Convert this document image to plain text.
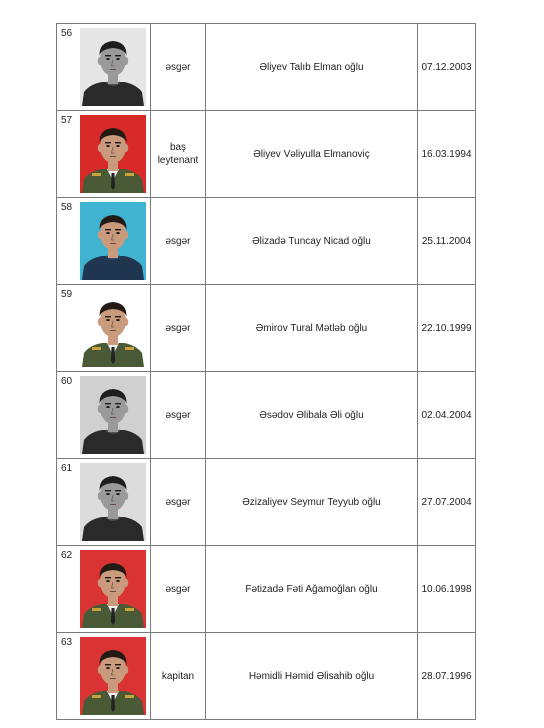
56		əsgər	Əliyev Talıb Elman oğlu	07.12.2003
57		baş leytenant	Əliyev Vəliyulla Elmanoviç	16.03.1994
58		əsgər	Əlizadə Tuncay Nicad oğlu	25.11.2004
59		əsgər	Əmirov Tural Mətləb oğlu	22.10.1999
60		əsgər	Əsədov Əlibala Əli oğlu	02.04.2004
61		əsgər	Əzizaliyev Seymur Teyyub oğlu	27.07.2004
62		əsgər	Fətizadə Fəti Ağamoğlan oğlu	10.06.1998
63		kapitan	Həmidli Həmid Əlisahib oğlu	28.07.1996
